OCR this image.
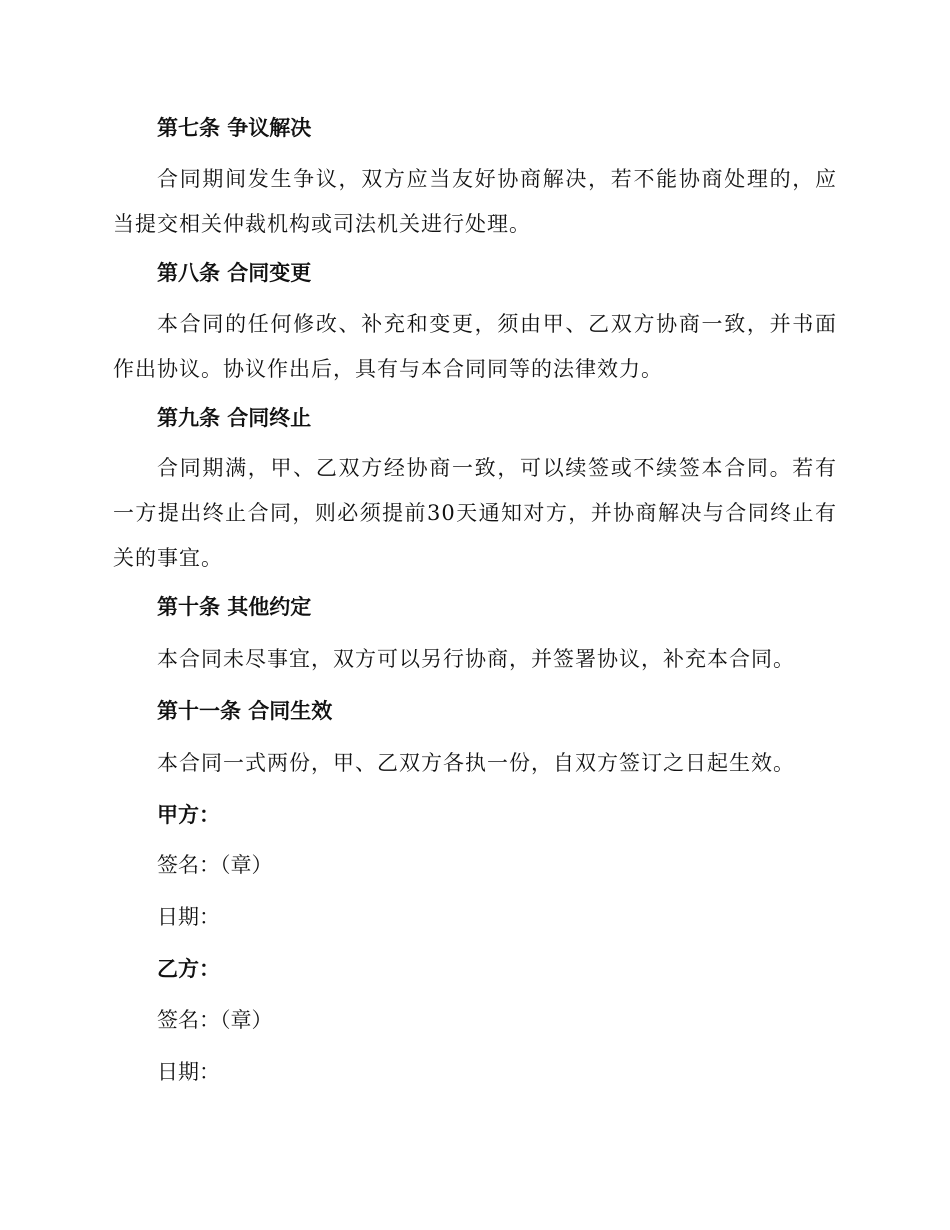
第七条 争议解决
合同期间发生争议，双方应当友好协商解决，若不能协商处理的，应当提交相关仲裁机构或司法机关进行处理。
第八条 合同变更
本合同的任何修改、补充和变更，须由甲、乙双方协商一致，并书面作出协议。协议作出后，具有与本合同同等的法律效力。
第九条 合同终止
合同期满，甲、乙双方经协商一致，可以续签或不续签本合同。若有一方提出终止合同，则必须提前30天通知对方，并协商解决与合同终止有关的事宜。
第十条 其他约定
本合同未尽事宜，双方可以另行协商，并签署协议，补充本合同。
第十一条 合同生效
本合同一式两份，甲、乙双方各执一份，自双方签订之日起生效。
甲方：
签名：（章）
日期：
乙方：
签名：（章）
日期：
